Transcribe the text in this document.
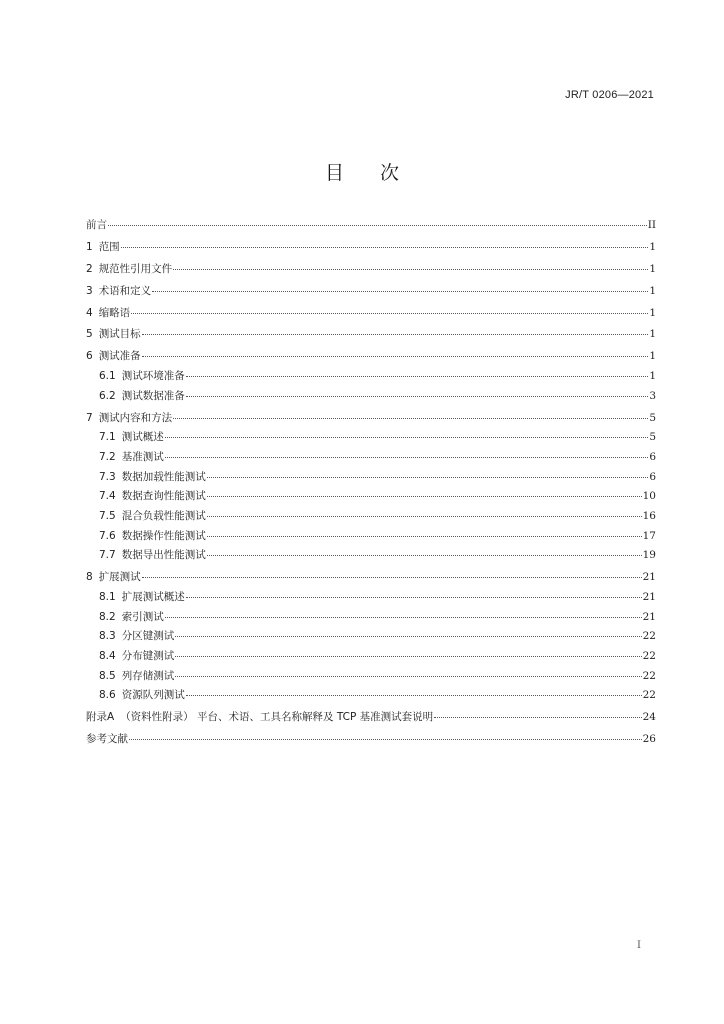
JR/T 0206—2021
目 次
前言	II
1 范围	1
2 规范性引用文件	1
3 术语和定义	1
4 缩略语	1
5 测试目标	1
6 测试准备	1
6.1 测试环境准备	1
6.2 测试数据准备	3
7 测试内容和方法	5
7.1 测试概述	5
7.2 基准测试	6
7.3 数据加载性能测试	6
7.4 数据查询性能测试	10
7.5 混合负载性能测试	16
7.6 数据操作性能测试	17
7.7 数据导出性能测试	19
8 扩展测试	21
8.1 扩展测试概述	21
8.2 索引测试	21
8.3 分区键测试	22
8.4 分布键测试	22
8.5 列存储测试	22
8.6 资源队列测试	22
附录A （资料性附录） 平台、术语、工具名称解释及 TCP 基准测试套说明	24
参考文献	26
I
